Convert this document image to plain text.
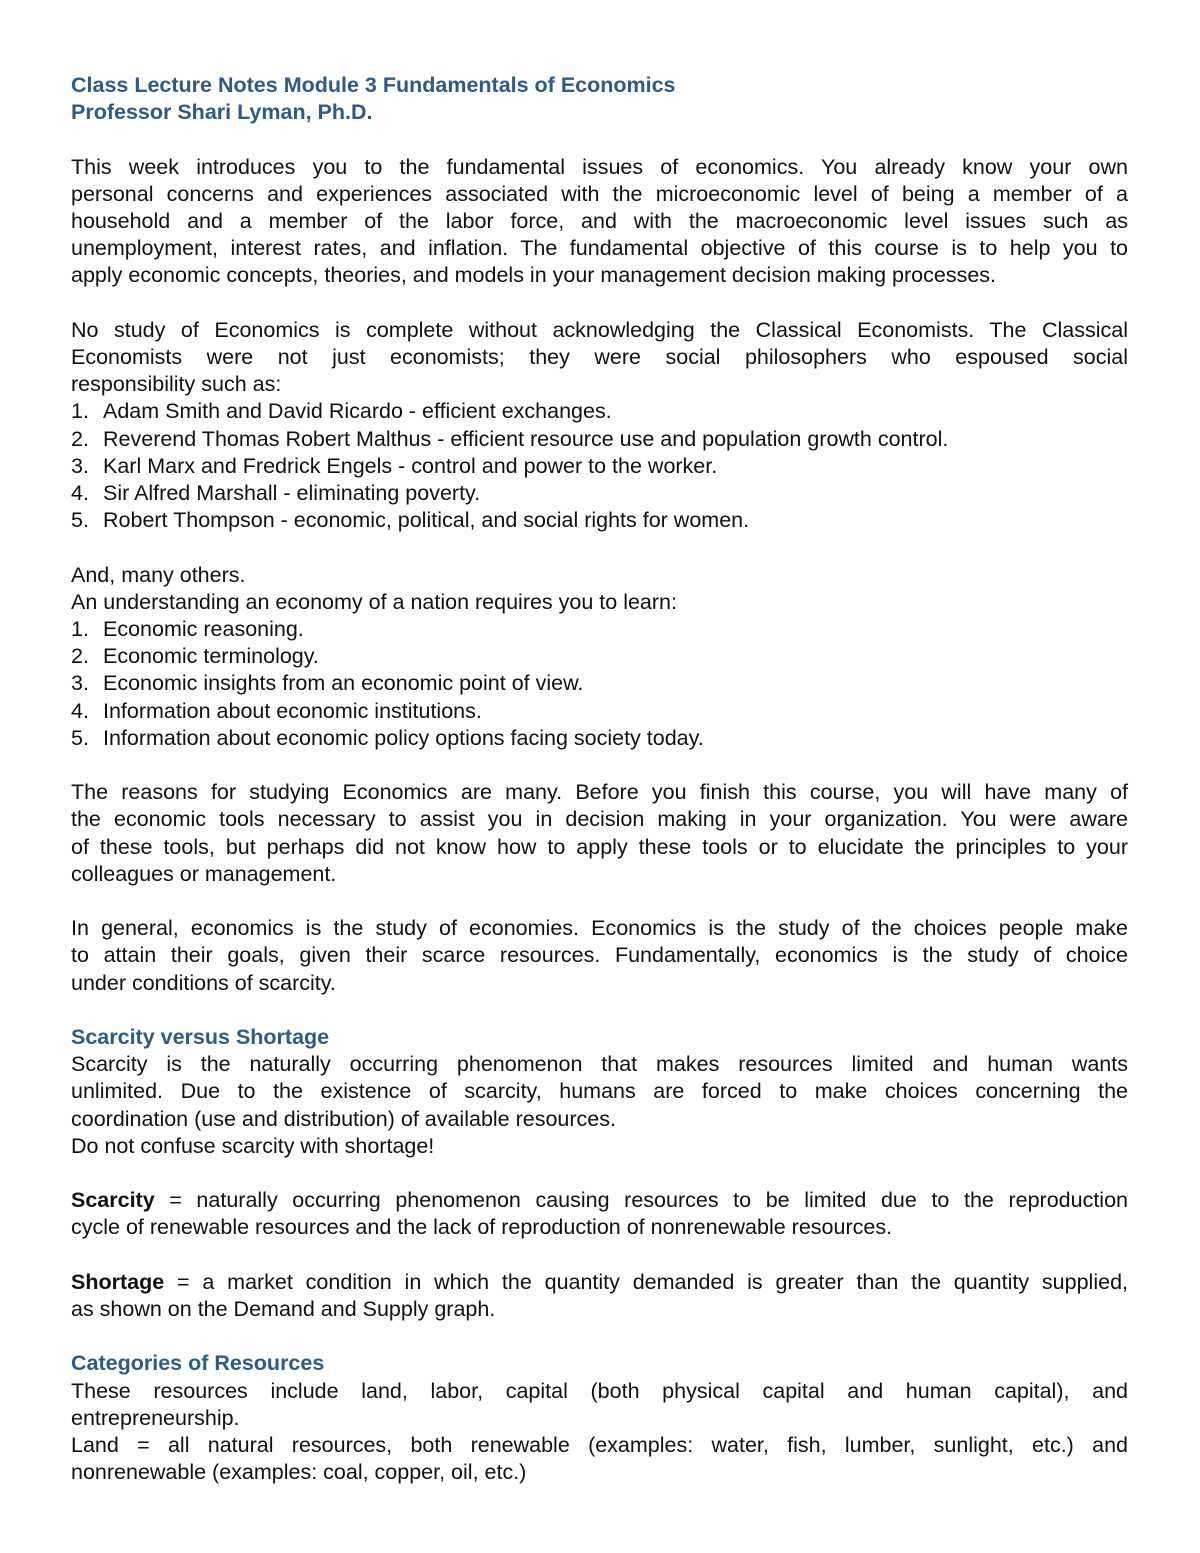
Class Lecture Notes Module 3 Fundamentals of Economics
Professor Shari Lyman, Ph.D.
This week introduces you to the fundamental issues of economics. You already know your own
personal concerns and experiences associated with the microeconomic level of being a member of a
household and a member of the labor force, and with the macroeconomic level issues such as
unemployment, interest rates, and inflation. The fundamental objective of this course is to help you to
apply economic concepts, theories, and models in your management decision making processes.
No study of Economics is complete without acknowledging the Classical Economists. The Classical
Economists were not just economists; they were social philosophers who espoused social
responsibility such as:
1. Adam Smith and David Ricardo - efficient exchanges.
2. Reverend Thomas Robert Malthus - efficient resource use and population growth control.
3. Karl Marx and Fredrick Engels - control and power to the worker.
4. Sir Alfred Marshall - eliminating poverty.
5. Robert Thompson - economic, political, and social rights for women.
And, many others.
An understanding an economy of a nation requires you to learn:
1. Economic reasoning.
2. Economic terminology.
3. Economic insights from an economic point of view.
4. Information about economic institutions.
5. Information about economic policy options facing society today.
The reasons for studying Economics are many. Before you finish this course, you will have many of
the economic tools necessary to assist you in decision making in your organization. You were aware
of these tools, but perhaps did not know how to apply these tools or to elucidate the principles to your
colleagues or management.
In general, economics is the study of economies. Economics is the study of the choices people make
to attain their goals, given their scarce resources. Fundamentally, economics is the study of choice
under conditions of scarcity.
Scarcity versus Shortage
Scarcity is the naturally occurring phenomenon that makes resources limited and human wants
unlimited. Due to the existence of scarcity, humans are forced to make choices concerning the
coordination (use and distribution) of available resources.
Do not confuse scarcity with shortage!
Scarcity = naturally occurring phenomenon causing resources to be limited due to the reproduction
cycle of renewable resources and the lack of reproduction of nonrenewable resources.
Shortage = a market condition in which the quantity demanded is greater than the quantity supplied,
as shown on the Demand and Supply graph.
Categories of Resources
These resources include land, labor, capital (both physical capital and human capital), and
entrepreneurship.
Land = all natural resources, both renewable (examples: water, fish, lumber, sunlight, etc.) and
nonrenewable (examples: coal, copper, oil, etc.)
